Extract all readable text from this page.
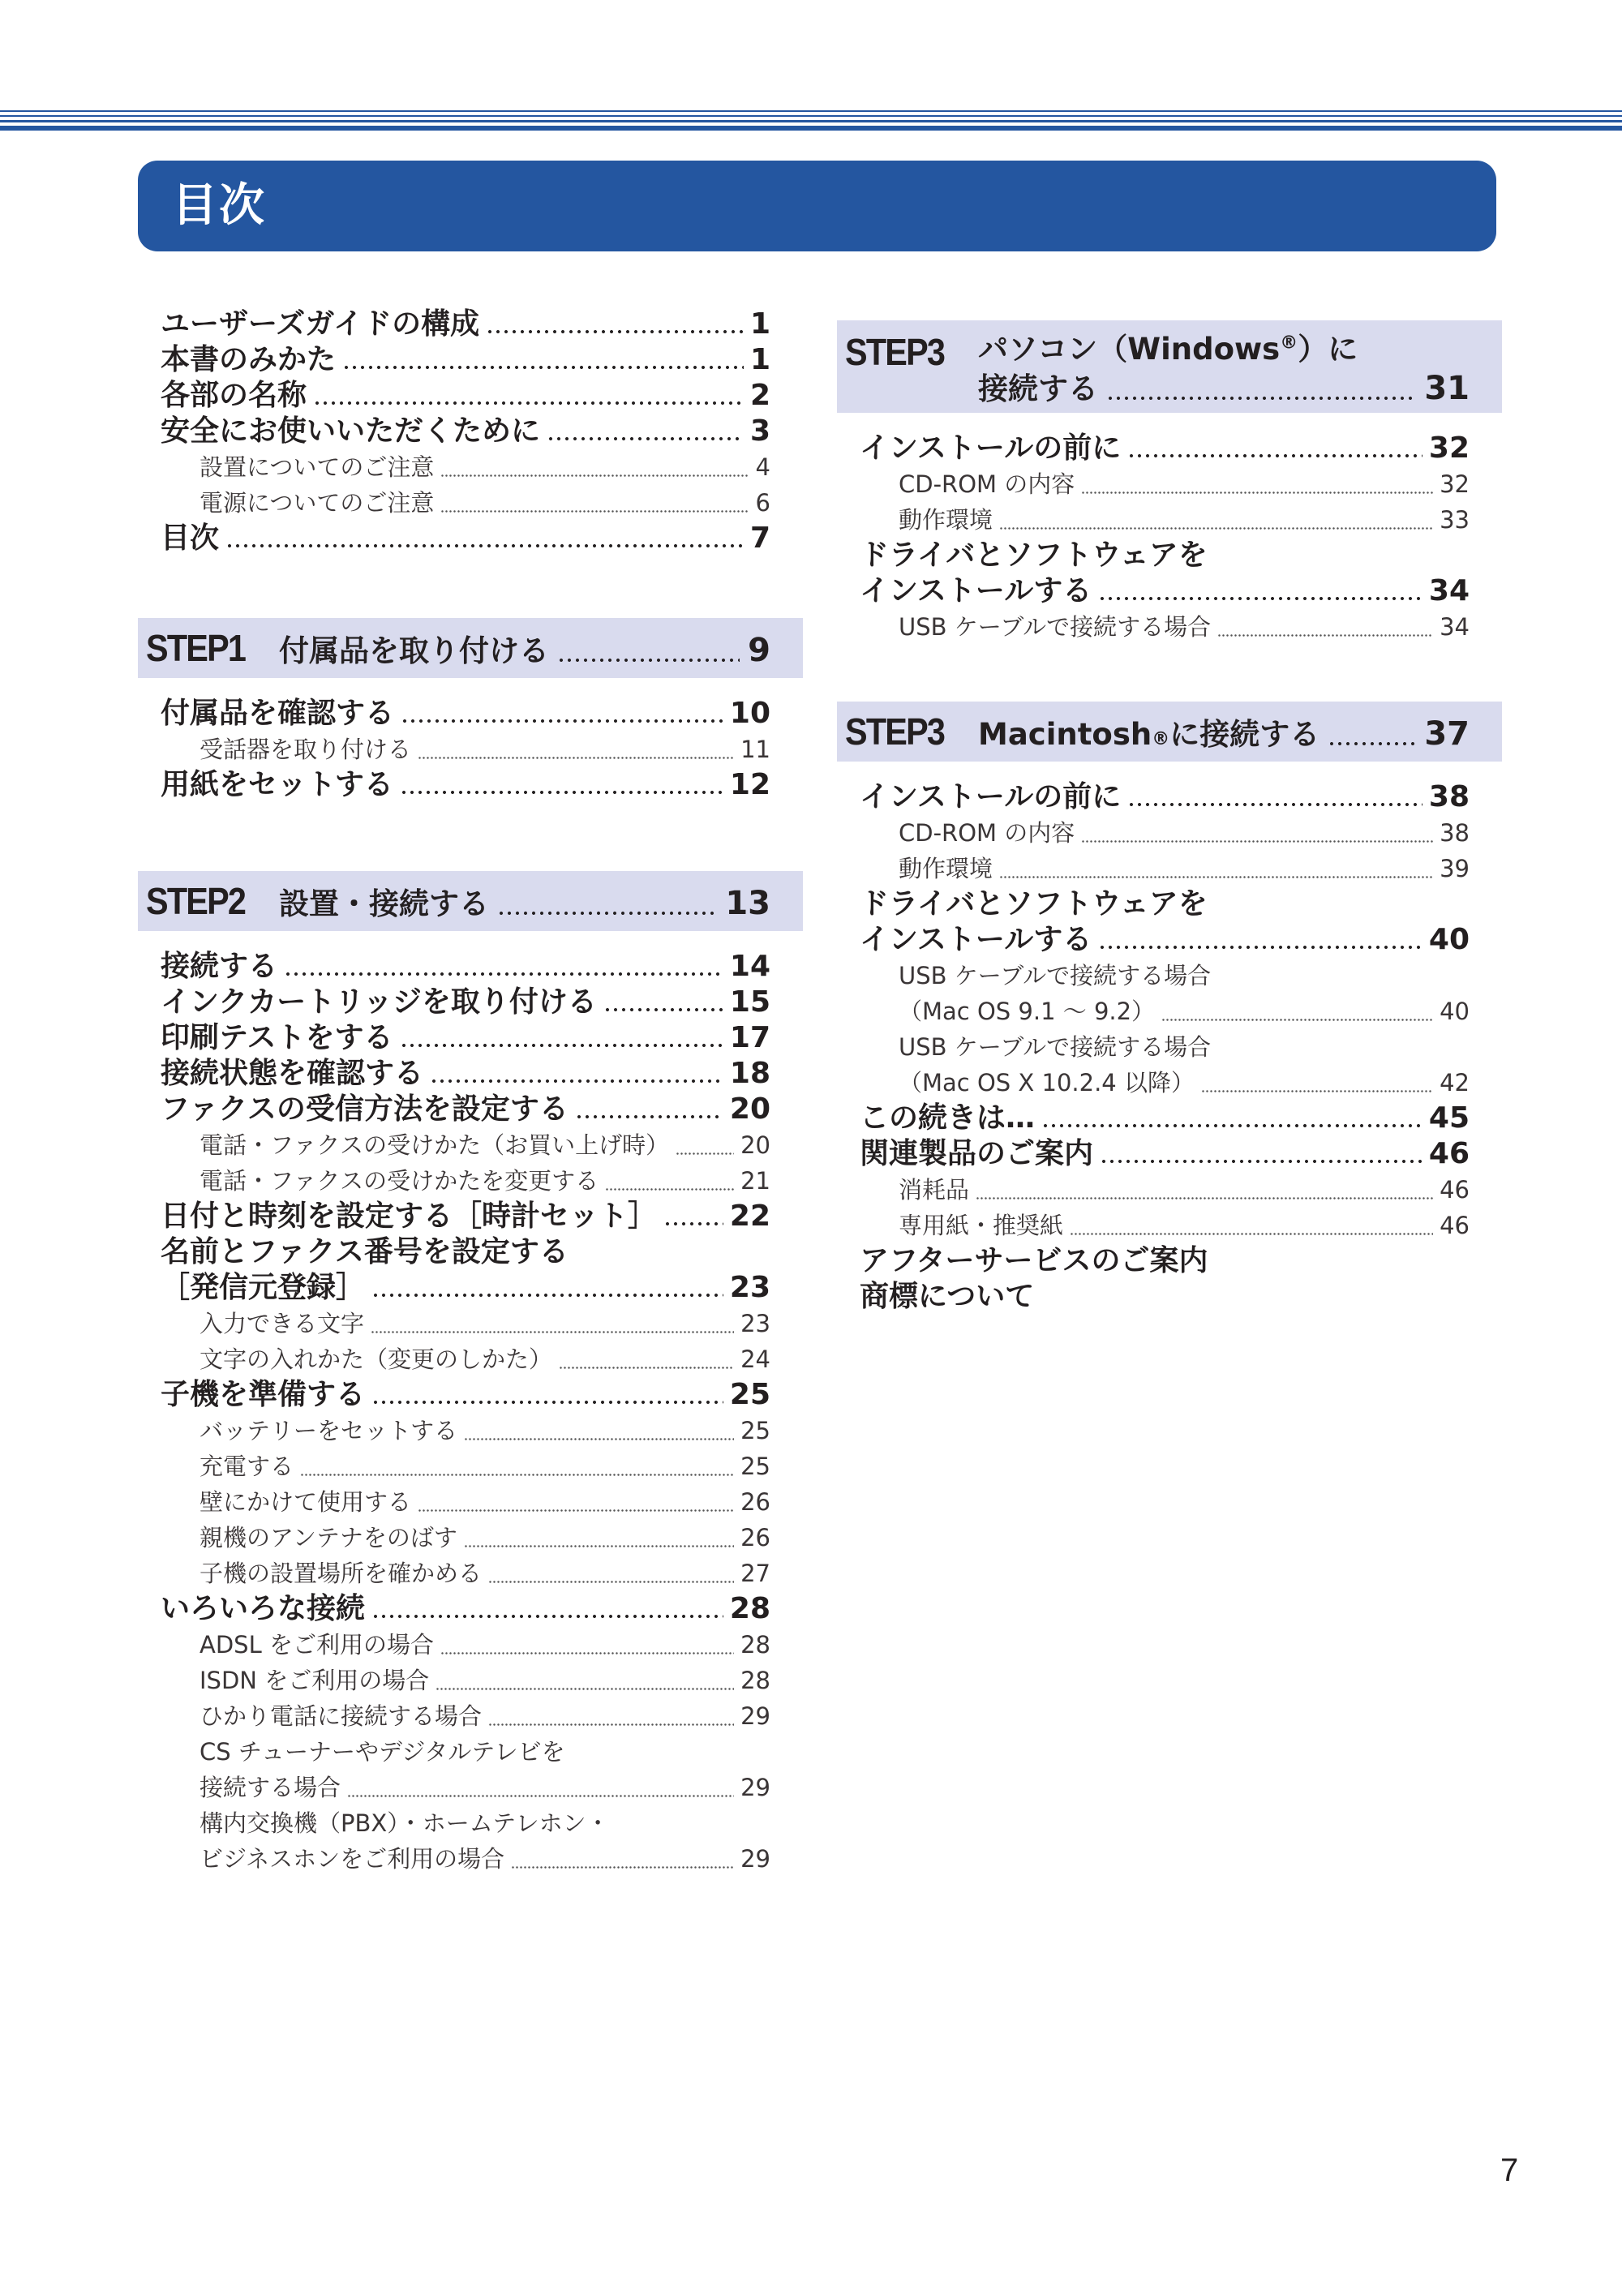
目次
ユーザーズガイドの構成	1
本書のみかた	1
各部の名称	2
安全にお使いいただくために	3
設置についてのご注意	4
電源についてのご注意	6
目次	7
STEP1 付属品を取り付ける	9
付属品を確認する	10
受話器を取り付ける	11
用紙をセットする	12
STEP2 設置・接続する	13
接続する	14
インクカートリッジを取り付ける	15
印刷テストをする	17
接続状態を確認する	18
ファクスの受信方法を設定する	20
電話・ファクスの受けかた（お買い上げ時）	20
電話・ファクスの受けかたを変更する	21
日付と時刻を設定する［時計セット］ 22
名前とファクス番号を設定する
［発信元登録］	23
入力できる文字	23
文字の入れかた（変更のしかた）	24
子機を準備する	25
バッテリーをセットする	25
充電する	25
壁にかけて使用する	26
親機のアンテナをのばす	26
子機の設置場所を確かめる	27
いろいろな接続	28
ADSL をご利用の場合	28
ISDN をご利用の場合	28
ひかり電話に接続する場合	29
CS チューナーやデジタルテレビを
接続する場合	29
構内交換機（PBX）・ホームテレホン・
ビジネスホンをご利用の場合	29
STEP3 パソコン（Windows®）に
接続する	31
インストールの前に	32
CD-ROM の内容	32
動作環境	33
ドライバとソフトウェアを
インストールする	34
USB ケーブルで接続する場合	34
STEP3 Macintosh ® に接続する	37
インストールの前に	38
CD-ROM の内容	38
動作環境	39
ドライバとソフトウェアを
インストールする	40
USB ケーブルで接続する場合
（Mac OS 9.1 ～ 9.2）	40
USB ケーブルで接続する場合
（Mac OS X 10.2.4 以降）	42
この続きは…	45
関連製品のご案内	46
消耗品	46
専用紙・推奨紙	46
アフターサービスのご案内
商標について
7
